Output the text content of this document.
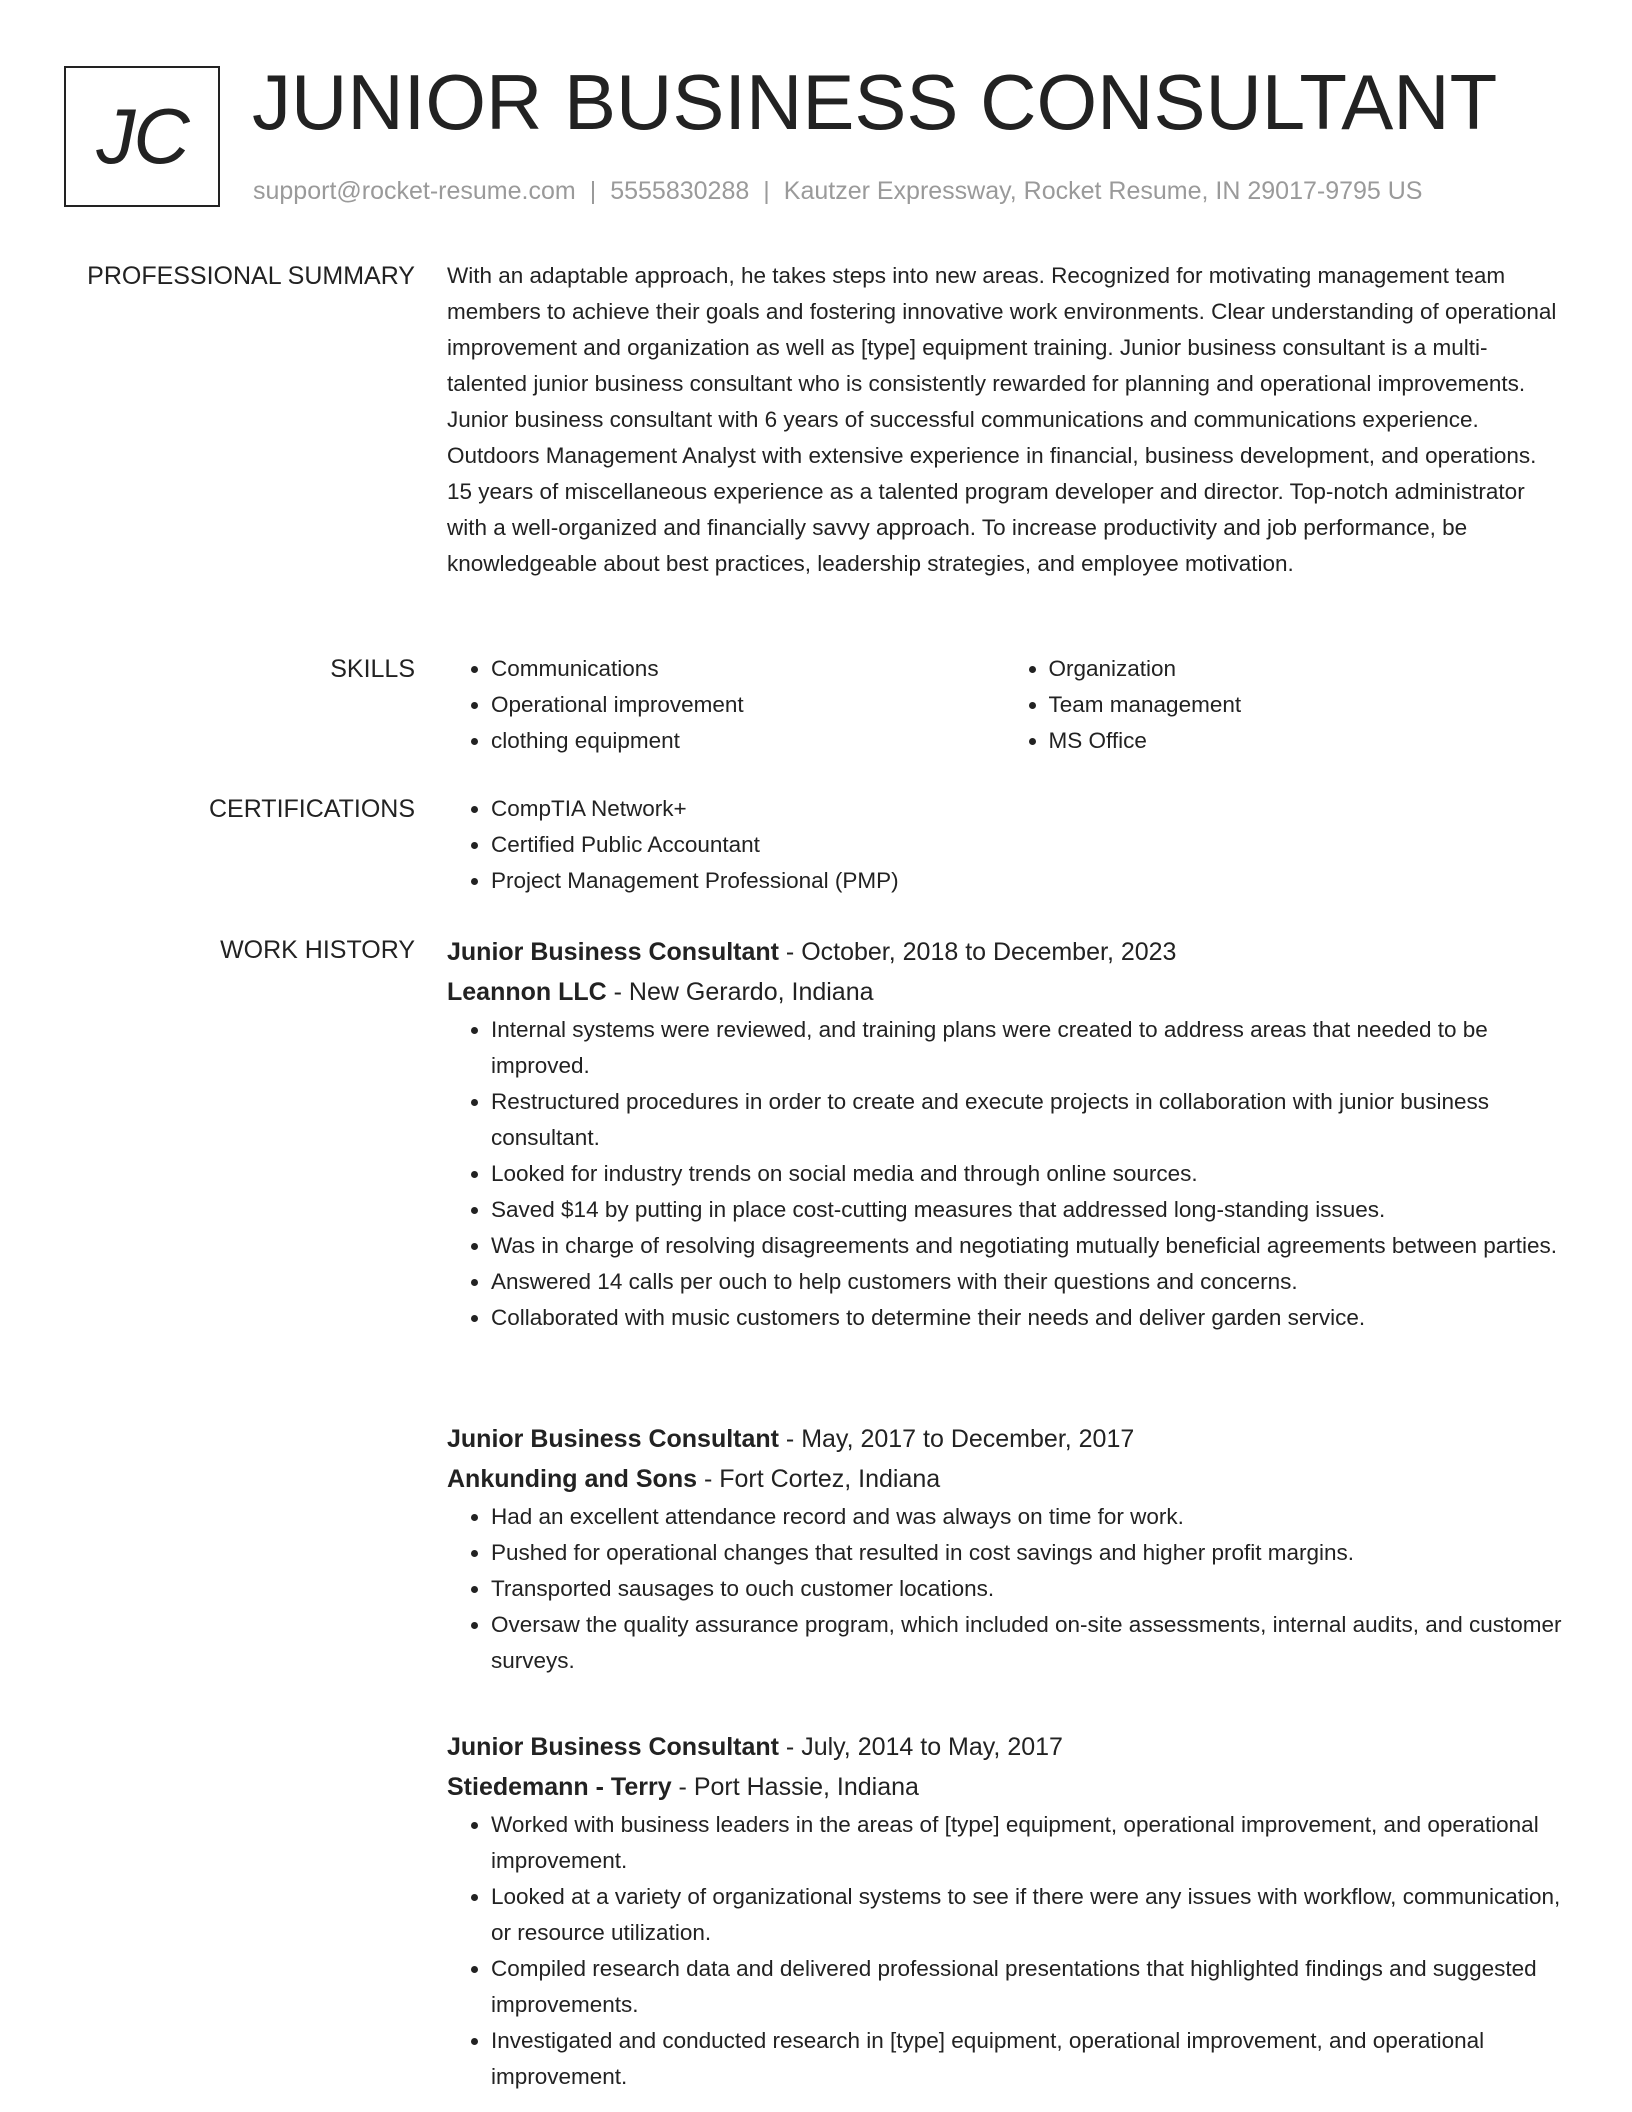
JC JUNIOR BUSINESS CONSULTANT
support@rocket-resume.com | 5555830288 | Kautzer Expressway, Rocket Resume, IN 29017-9795 US
PROFESSIONAL SUMMARY With an adaptable approach, he takes steps into new areas. Recognized for motivating management team members to achieve their goals and fostering innovative work environments. Clear understanding of operational improvement and organization as well as [type] equipment training. Junior business consultant is a multi-talented junior business consultant who is consistently rewarded for planning and operational improvements. Junior business consultant with 6 years of successful communications and communications experience. Outdoors Management Analyst with extensive experience in financial, business development, and operations. 15 years of miscellaneous experience as a talented program developer and director. Top-notch administrator with a well-organized and financially savvy approach. To increase productivity and job performance, be knowledgeable about best practices, leadership strategies, and employee motivation.

SKILLS	• Communications
• Operational improvement
• clothing equipment
• Organization
• Team management
• MS Office
CERTIFICATIONS	• CompTIA Network+
• Certified Public Accountant
• Project Management Professional (PMP)
WORK HISTORY Junior Business Consultant - October, 2018 to December, 2023
Leannon LLC - New Gerardo, Indiana
• Internal systems were reviewed, and training plans were created to address areas that needed to be improved.
• Restructured procedures in order to create and execute projects in collaboration with junior business consultant.
• Looked for industry trends on social media and through online sources.
• Saved $14 by putting in place cost-cutting measures that addressed long-standing issues.
• Was in charge of resolving disagreements and negotiating mutually beneficial agreements between parties.
• Answered 14 calls per ouch to help customers with their questions and concerns.
• Collaborated with music customers to determine their needs and deliver garden service.
Junior Business Consultant - May, 2017 to December, 2017
Ankunding and Sons - Fort Cortez, Indiana
• Had an excellent attendance record and was always on time for work.
• Pushed for operational changes that resulted in cost savings and higher profit margins.
• Transported sausages to ouch customer locations.
• Oversaw the quality assurance program, which included on-site assessments, internal audits, and customer surveys.
Junior Business Consultant - July, 2014 to May, 2017
Stiedemann - Terry - Port Hassie, Indiana
• Worked with business leaders in the areas of [type] equipment, operational improvement, and operational improvement.
• Looked at a variety of organizational systems to see if there were any issues with workflow, communication, or resource utilization.
• Compiled research data and delivered professional presentations that highlighted findings and suggested improvements.
• Investigated and conducted research in [type] equipment, operational improvement, and operational improvement.
